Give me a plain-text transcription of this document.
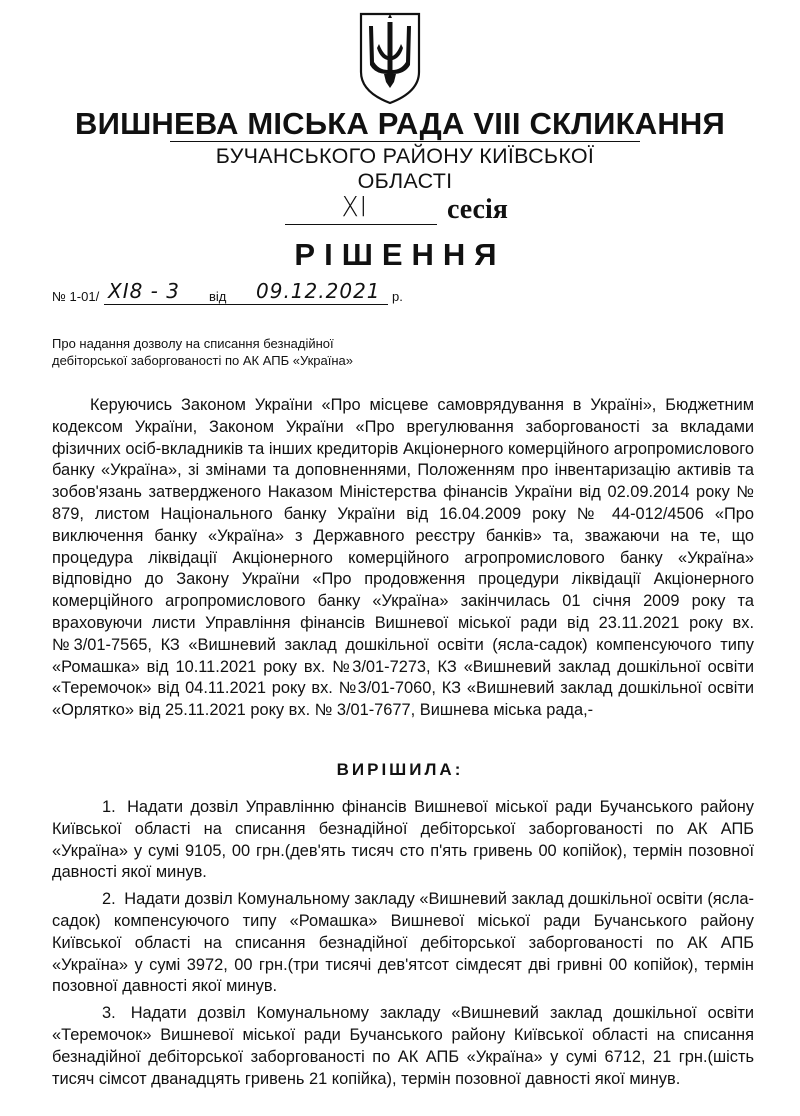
ВИШНЕВА МІСЬКА РАДА VIII СКЛИКАННЯ
БУЧАНСЬКОГО РАЙОНУ КИЇВСЬКОЇ ОБЛАСТІ
XI	сесія
РІШЕННЯ
№ 1-01/ XI8 - 3 від 09.12.2021 р.
Про надання дозволу на списання безнадійної
дебіторської заборгованості по АК АПБ «Україна»
Керуючись Законом України «Про місцеве самоврядування в Україні», Бюджетним кодексом України, Законом України «Про врегулювання заборгованості за вкладами фізичних осіб-вкладників та інших кредиторів Акціонерного комерційного агропромислового банку «Україна», зі змінами та доповненнями, Положенням про інвентаризацію активів та зобов'язань затвердженого Наказом Міністерства фінансів України від 02.09.2014 року № 879, листом Національного банку України від 16.04.2009 року № 44-012/4506 «Про виключення банку «Україна» з Державного реєстру банків» та, зважаючи на те, що процедура ліквідації Акціонерного комерційного агропромислового банку «Україна» відповідно до Закону України «Про продовження процедури ліквідації Акціонерного комерційного агропромислового банку «Україна» закінчилась 01 січня 2009 року та враховуючи листи Управління фінансів Вишневої міської ради від 23.11.2021 року вх. №3/01-7565, КЗ «Вишневий заклад дошкільної освіти (ясла-садок) компенсуючого типу «Ромашка» від 10.11.2021 року вх. №3/01-7273, КЗ «Вишневий заклад дошкільної освіти «Теремочок» від 04.11.2021 року вх. №3/01-7060, КЗ «Вишневий заклад дошкільної освіти «Орлятко» від 25.11.2021 року вх. № 3/01-7677, Вишнева міська рада,-
ВИРІШИЛА:

1. Надати дозвіл Управлінню фінансів Вишневої міської ради Бучанського району Київської області на списання безнадійної дебіторської заборгованості по АК АПБ «Україна» у сумі 9105, 00 грн.(дев'ять тисяч сто п'ять гривень 00 копійок), термін позовної давності якої минув.

2. Надати дозвіл Комунальному закладу «Вишневий заклад дошкільної освіти (ясла-садок) компенсуючого типу «Ромашка» Вишневої міської ради Бучанського району Київської області на списання безнадійної дебіторської заборгованості по АК АПБ «Україна» у сумі 3972, 00 грн.(три тисячі дев'ятсот сімдесят дві гривні 00 копійок), термін позовної давності якої минув.

3. Надати дозвіл Комунальному закладу «Вишневий заклад дошкільної освіти «Теремочок» Вишневої міської ради Бучанського району Київської області на списання безнадійної дебіторської заборгованості по АК АПБ «Україна» у сумі 6712, 21 грн.(шість тисяч сімсот дванадцять гривень 21 копійка), термін позовної давності якої минув.
